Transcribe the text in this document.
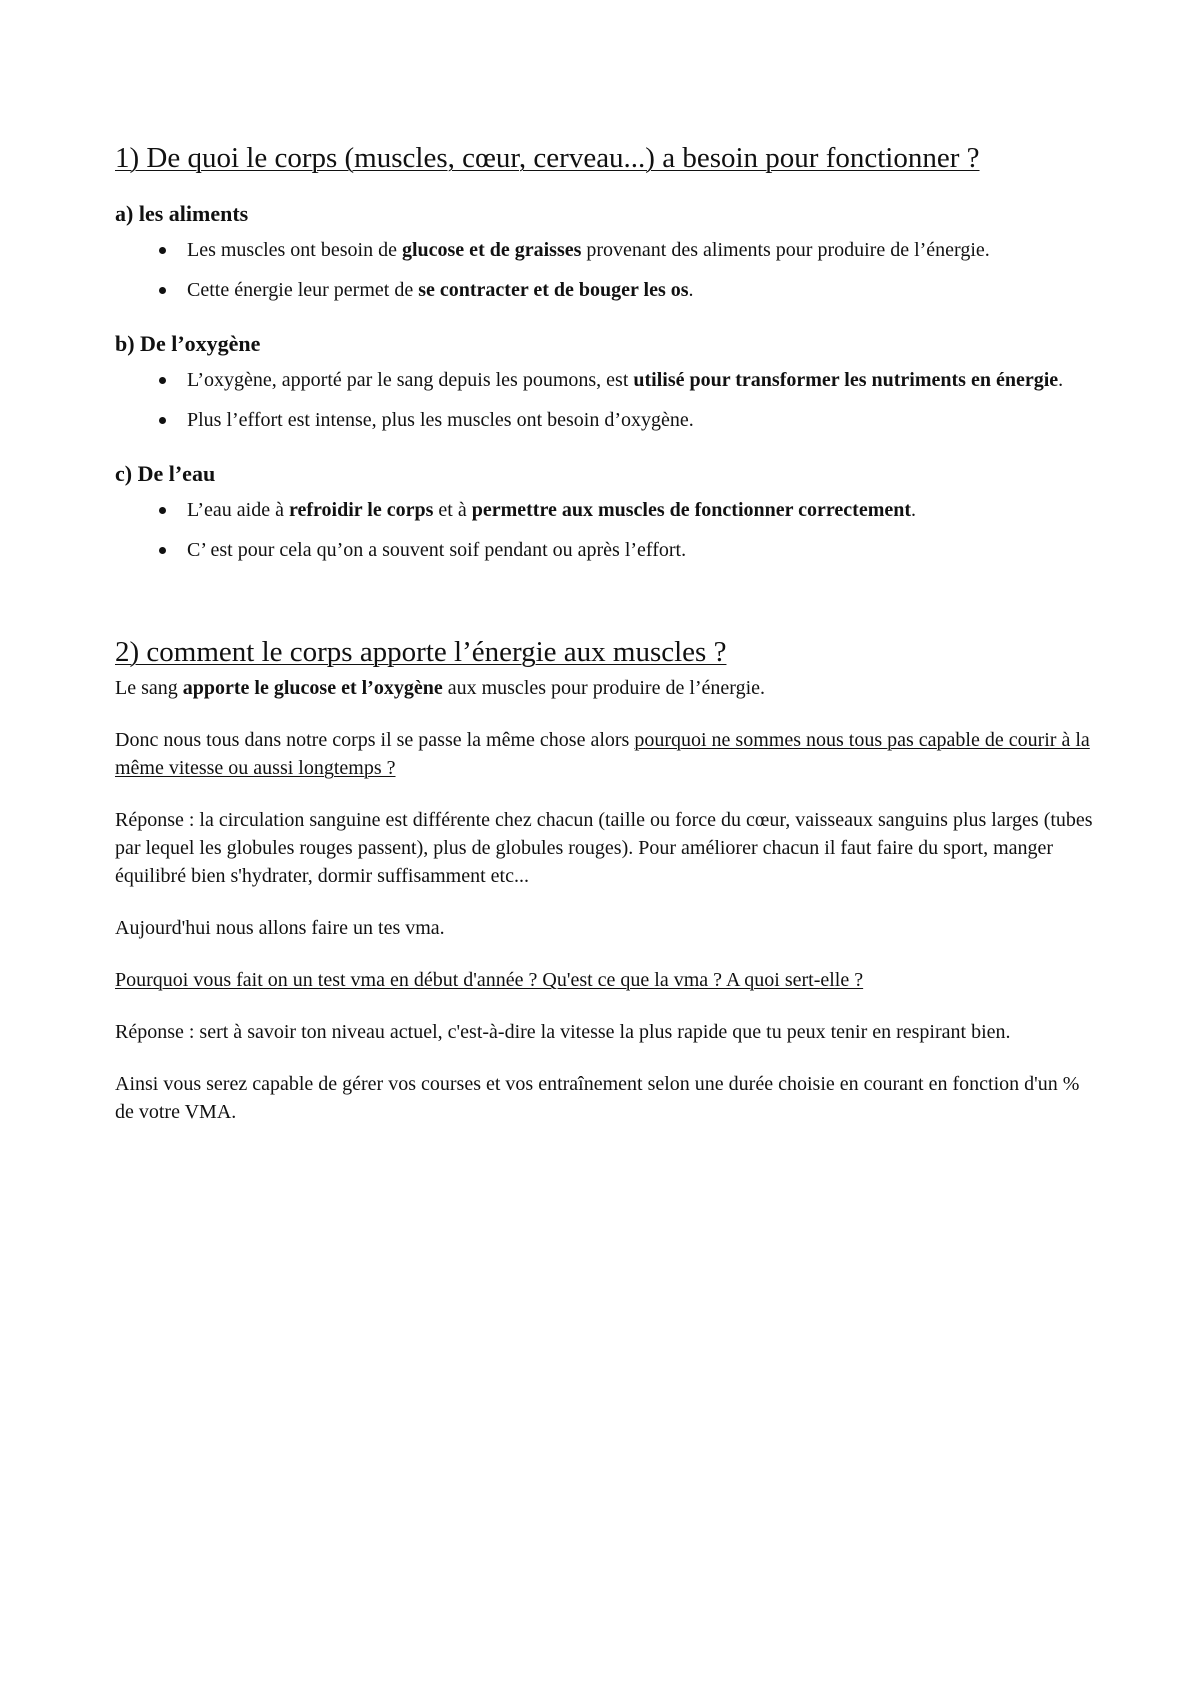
1) De quoi le corps (muscles, cœur, cerveau...) a besoin pour fonctionner ?
a) les aliments
Les muscles ont besoin de glucose et de graisses provenant des aliments pour produire de l’énergie.
Cette énergie leur permet de se contracter et de bouger les os.
b) De l’oxygène
L’oxygène, apporté par le sang depuis les poumons, est utilisé pour transformer les nutriments en énergie.
Plus l’effort est intense, plus les muscles ont besoin d’oxygène.
c) De l’eau
L’eau aide à refroidir le corps et à permettre aux muscles de fonctionner correctement.
C’ est pour cela qu’on a souvent soif pendant ou après l’effort.
2) comment le corps apporte l’énergie aux muscles ?

Le sang apporte le glucose et l’oxygène aux muscles pour produire de l’énergie.

Donc nous tous dans notre corps il se passe la même chose alors pourquoi ne sommes nous tous pas capable de courir à la même vitesse ou aussi longtemps ?

Réponse : la circulation sanguine est différente chez chacun (taille ou force du cœur, vaisseaux sanguins plus larges (tubes par lequel les globules rouges passent), plus de globules rouges). Pour améliorer chacun il faut faire du sport, manger équilibré bien s'hydrater, dormir suffisamment etc...

Aujourd'hui nous allons faire un tes vma.

Pourquoi vous fait on un test vma en début d'année ? Qu'est ce que la vma ? A quoi sert-elle ?

Réponse : sert à savoir ton niveau actuel, c'est-à-dire la vitesse la plus rapide que tu peux tenir en respirant bien.

Ainsi vous serez capable de gérer vos courses et vos entraînement selon une durée choisie en courant en fonction d'un % de votre VMA.
